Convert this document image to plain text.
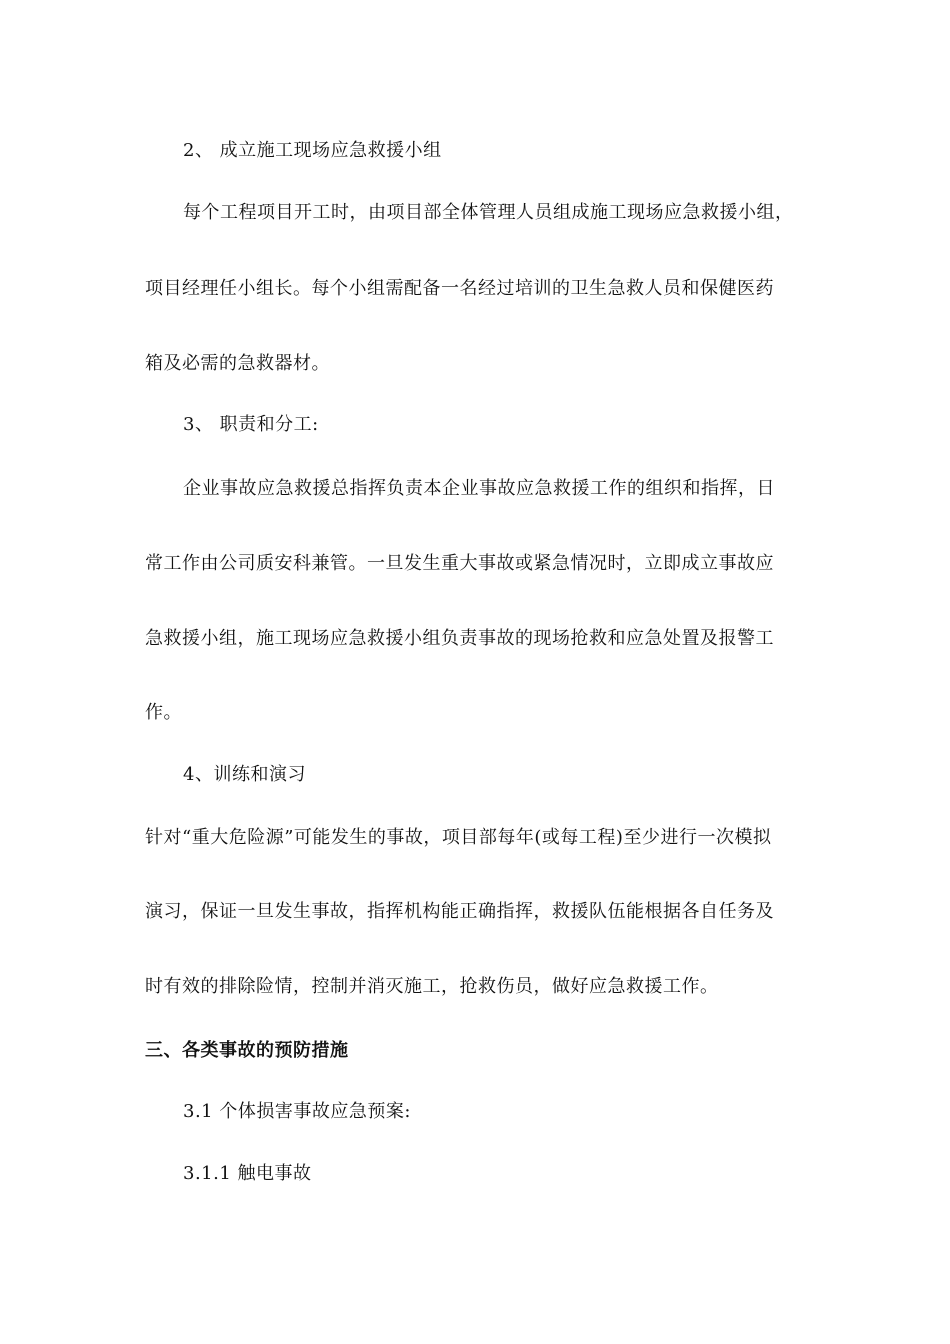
2、 成立施工现场应急救援小组
每个工程项目开工时，由项目部全体管理人员组成施工现场应急救援小组，
项目经理任小组长。每个小组需配备一名经过培训的卫生急救人员和保健医药
箱及必需的急救器材。
3、 职责和分工:
企业事故应急救援总指挥负责本企业事故应急救援工作的组织和指挥，日
常工作由公司质安科兼管。一旦发生重大事故或紧急情况时，立即成立事故应
急救援小组，施工现场应急救援小组负责事故的现场抢救和应急处置及报警工
作。
4、训练和演习
针对“重大危险源”可能发生的事故，项目部每年(或每工程)至少进行一次模拟
演习，保证一旦发生事故，指挥机构能正确指挥，救援队伍能根据各自任务及
时有效的排除险情，控制并消灭施工，抢救伤员，做好应急救援工作。
三、各类事故的预防措施
3.1 个体损害事故应急预案:
3.1.1 触电事故
